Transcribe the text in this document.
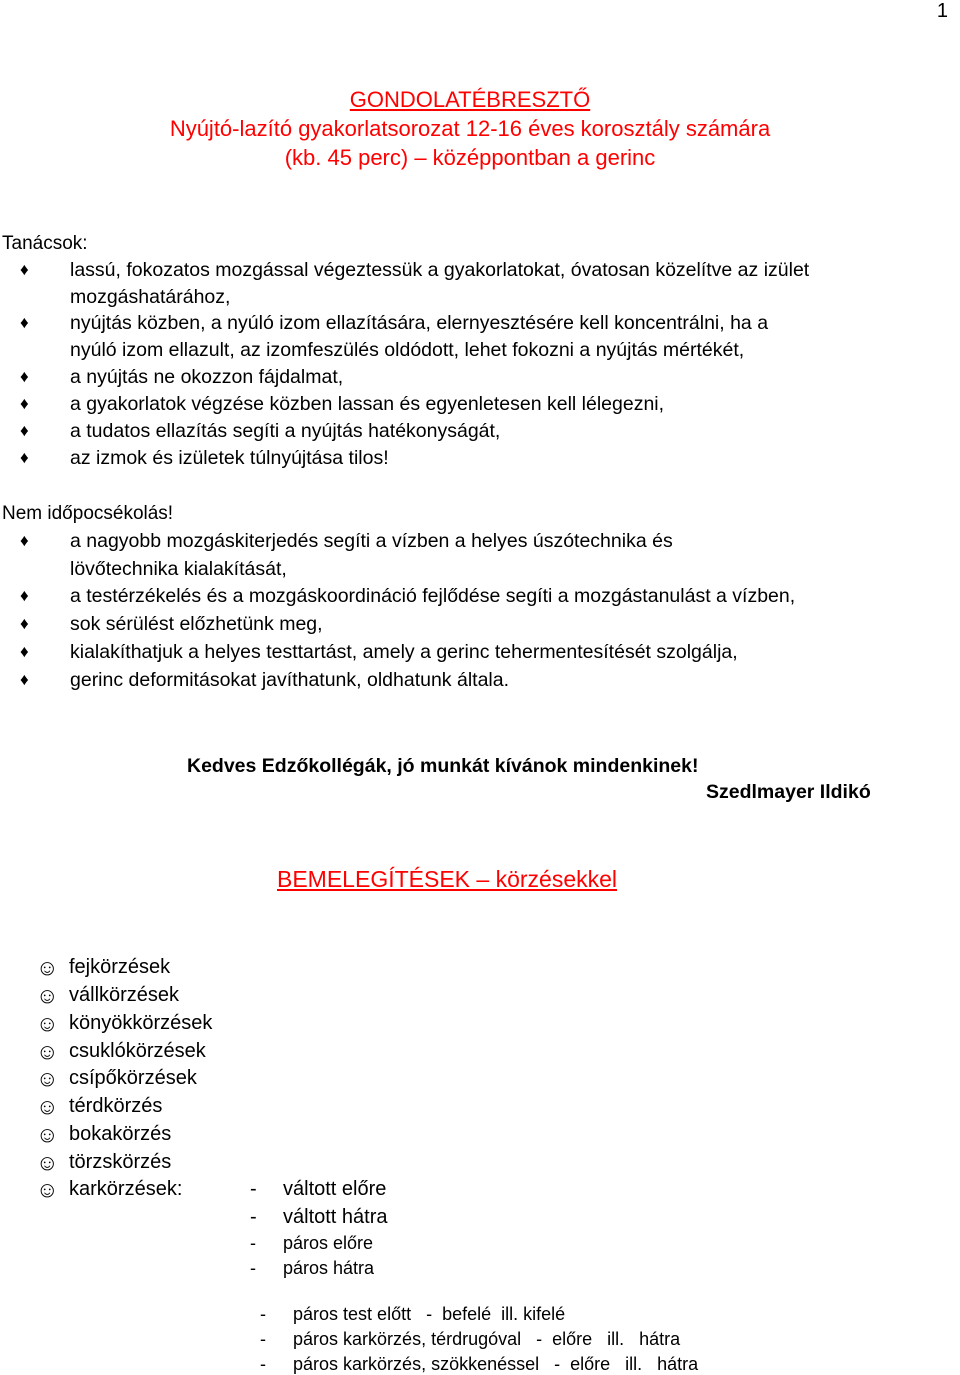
1
GONDOLATÉBRESZTŐ
Nyújtó-lazító gyakorlatsorozat 12-16 éves korosztály számára
(kb. 45 perc) – középpontban a gerinc
Tanácsok:
♦ lassú, fokozatos mozgással végeztessük a gyakorlatokat, óvatosan közelítve az izület
mozgáshatárához,
♦ nyújtás közben, a nyúló izom ellazítására, elernyesztésére kell koncentrálni, ha a
nyúló izom ellazult, az izomfeszülés oldódott, lehet fokozni a nyújtás mértékét,
♦ a nyújtás ne okozzon fájdalmat,
♦ a gyakorlatok végzése közben lassan és egyenletesen kell lélegezni,
♦ a tudatos ellazítás segíti a nyújtás hatékonyságát,
♦ az izmok és izületek túlnyújtása tilos!
Nem időpocsékolás!
♦ a nagyobb mozgáskiterjedés segíti a vízben a helyes úszótechnika és
lövőtechnika kialakítását,
♦ a testérzékelés és a mozgáskoordináció fejlődése segíti a mozgástanulást a vízben,
♦ sok sérülést előzhetünk meg,
♦ kialakíthatjuk a helyes testtartást, amely a gerinc tehermentesítését szolgálja,
♦ gerinc deformitásokat javíthatunk, oldhatunk általa.
Kedves Edzőkollégák, jó munkát kívánok mindenkinek!
Szedlmayer Ildikó
BEMELEGÍTÉSEK – körzésekkel
☺ fejkörzések
☺ vállkörzések
☺ könyökkörzések
☺ csuklókörzések
☺ csípőkörzések
☺ térdkörzés
☺ bokakörzés
☺ törzskörzés
☺ karkörzések:	- váltott előre
- váltott hátra
- páros előre
- páros hátra

- páros test előtt   -  befelé  ill. kifelé

- páros karkörzés, térdrugóval   -  előre   ill.   hátra

- páros karkörzés, szökkenéssel   -  előre   ill.   hátra
